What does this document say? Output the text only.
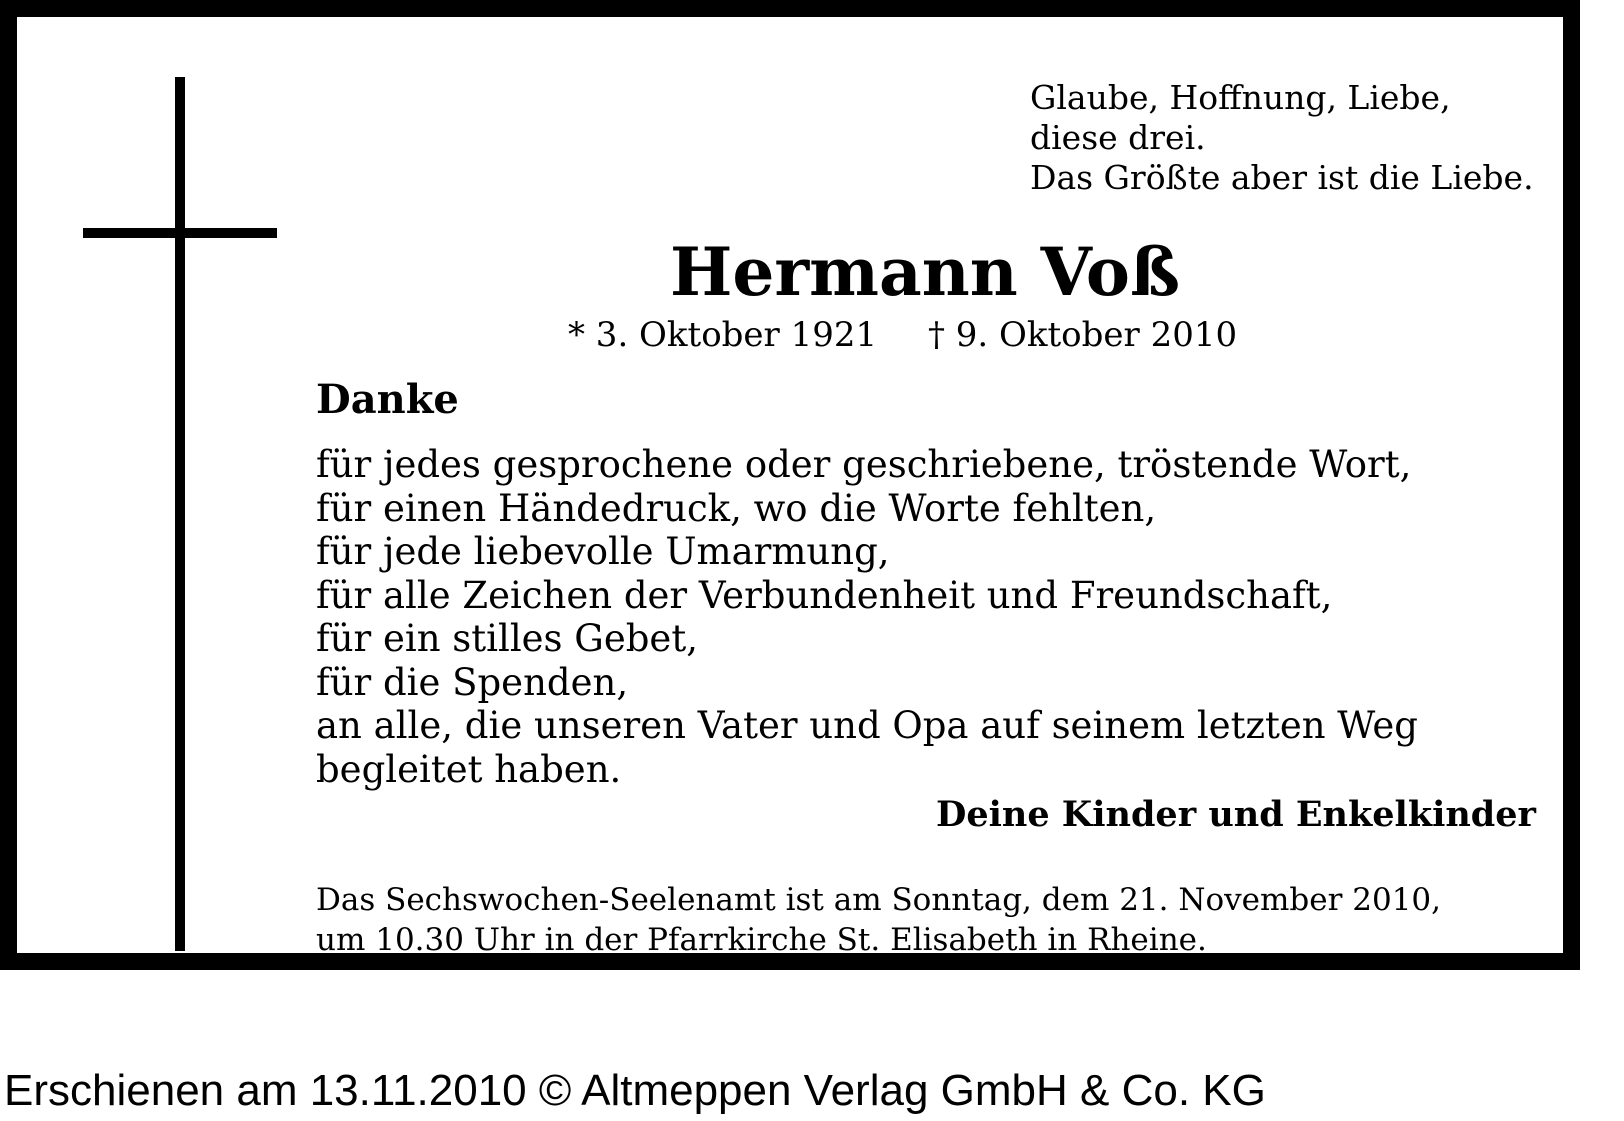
Glaube, Hoffnung, Liebe,
diese drei.
Das Größte aber ist die Liebe.
Hermann Voß
* 3. Oktober 1921 † 9. Oktober 2010
Danke
für jedes gesprochene oder geschriebene, tröstende Wort,
für einen Händedruck, wo die Worte fehlten,
für jede liebevolle Umarmung,
für alle Zeichen der Verbundenheit und Freundschaft,
für ein stilles Gebet,
für die Spenden,
an alle, die unseren Vater und Opa auf seinem letzten Weg
begleitet haben.
Deine Kinder und Enkelkinder
Das Sechswochen-Seelenamt ist am Sonntag, dem 21. November 2010,
um 10.30 Uhr in der Pfarrkirche St. Elisabeth in Rheine.
Erschienen am 13.11.2010 © Altmeppen Verlag GmbH & Co. KG
